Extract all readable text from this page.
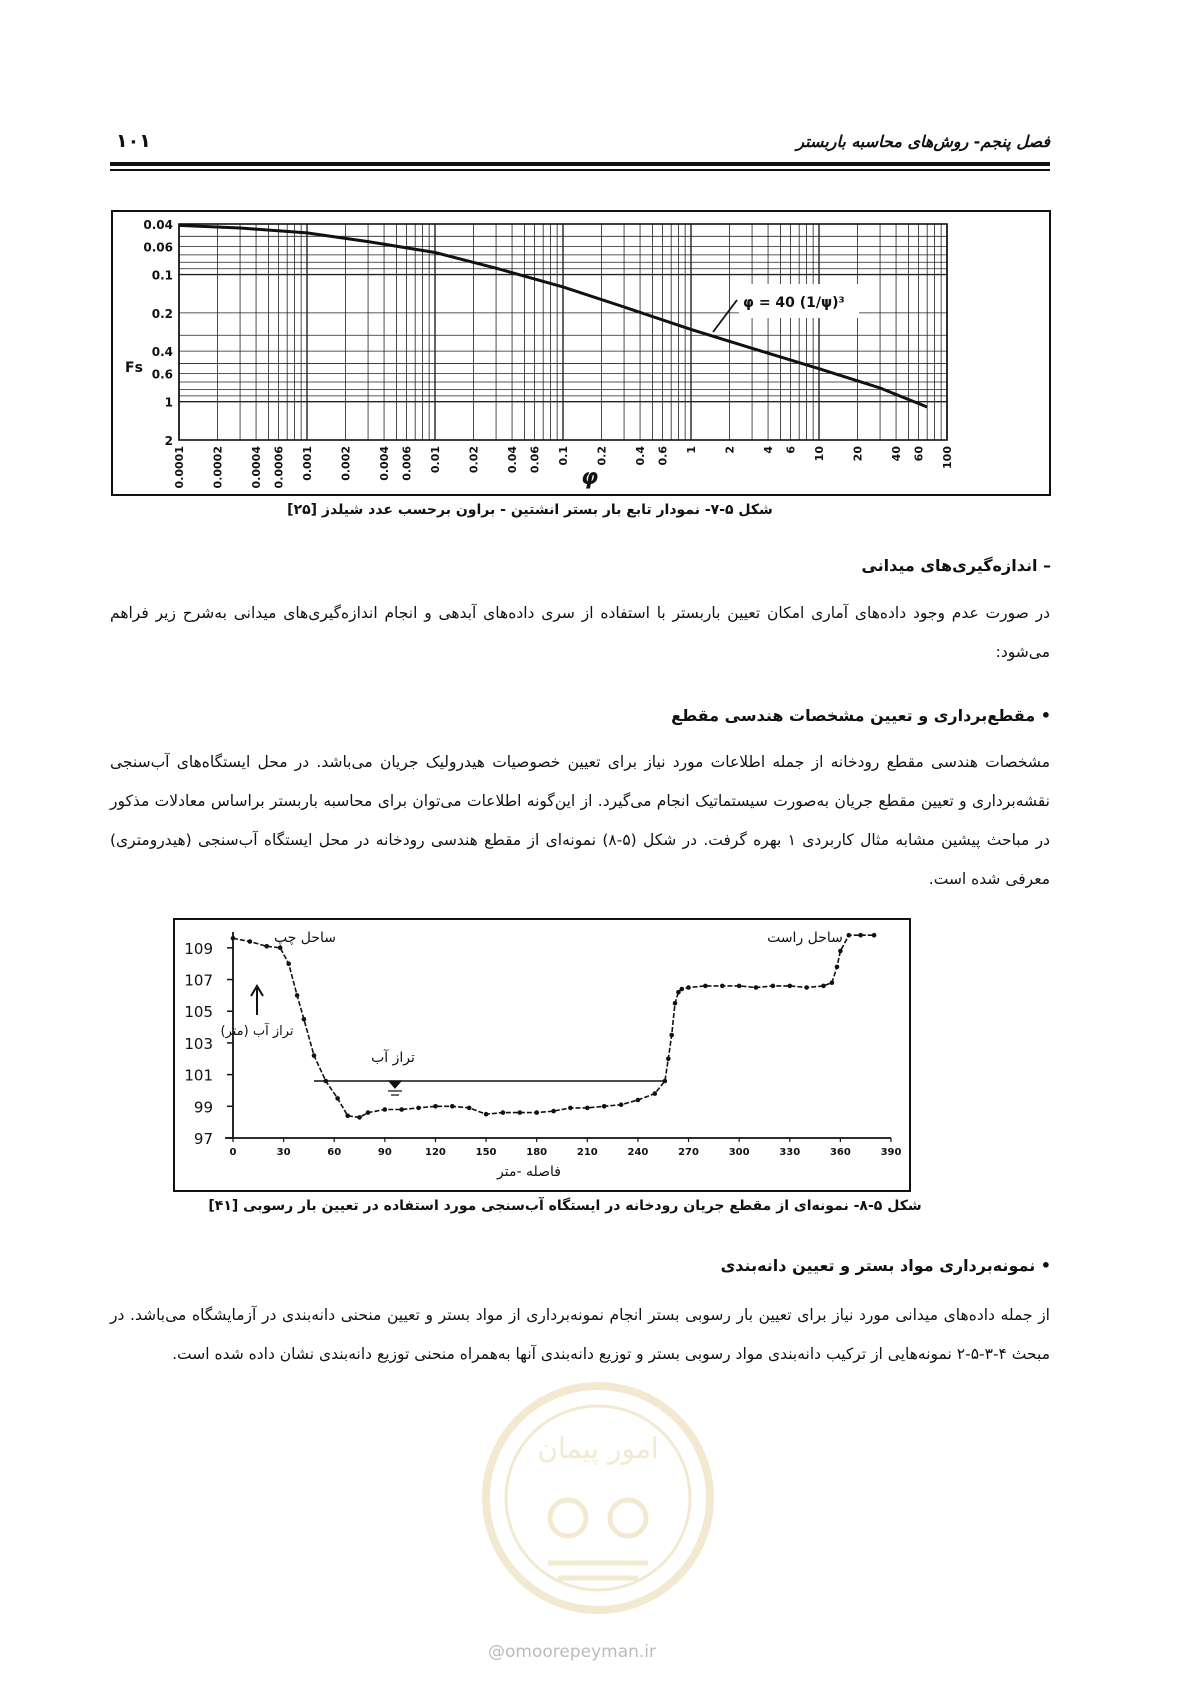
فصل پنجم- روش‌های محاسبه باربستر
۱۰۱
0.04
0.06
0.1
0.2
0.4
0.6
1
2
0.0001 0.0002 0.0004 0.0006 0.001 0.002 0.004 0.006 0.01 0.02 0.04 0.06 0.1 0.2 0.4 0.6 1 2 4 6 10 20 40 60 100
φ = 40 (1/ψ)³
Fs
φ
شکل ۵-۷- نمودار تابع بار بستر انشتین - براون برحسب عدد شیلدز [۲۵]
– اندازه‌گیری‌های میدانی

در صورت عدم وجود داده‌های آماری امکان تعیین باربستر با استفاده از سری داده‌های آبدهی و انجام اندازه‌گیری‌های میدانی به‌شرح زیر فراهم می‌شود:

• مقطع‌برداری و تعیین مشخصات هندسی مقطع

مشخصات هندسی مقطع رودخانه از جمله اطلاعات مورد نیاز برای تعیین خصوصیات هیدرولیک جریان می‌باشد. در محل ایستگاه‌های آب‌سنجی نقشه‌برداری و تعیین مقطع جریان به‌صورت سیستماتیک انجام می‌گیرد. از این‌گونه اطلاعات می‌توان برای محاسبه باربستر براساس معادلات مذکور در مباحث پیشین مشابه مثال کاربردی ۱ بهره گرفت. در شکل (۵-۸) نمونه‌ای از مقطع هندسی رودخانه در محل ایستگاه آب‌سنجی (هیدرومتری) معرفی شده است.

97
99
101
103
105
107
109
0	30	60	90	120	150	180	210	240	270	300	330	360	390
ساحل چپ	ساحل راست
تراز آب
فاصله -متر
تراز آب (متر)
شکل ۵-۸- نمونه‌ای از مقطع جریان رودخانه در ایستگاه آب‌سنجی مورد استفاده در تعیین بار رسوبی [۴۱]
• نمونه‌برداری مواد بستر و تعیین دانه‌بندی

از جمله داده‌های میدانی مورد نیاز برای تعیین بار رسوبی بستر انجام نمونه‌برداری از مواد بستر و تعیین منحنی دانه‌بندی در آزمایشگاه می‌باشد. در مبحث ۴-۳-۵-۲ نمونه‌هایی از ترکیب دانه‌بندی مواد رسوبی بستر و توزیع دانه‌بندی آنها به‌همراه منحنی توزیع دانه‌بندی نشان داده شده است.

امور پیمان
@omoorepeyman.ir
